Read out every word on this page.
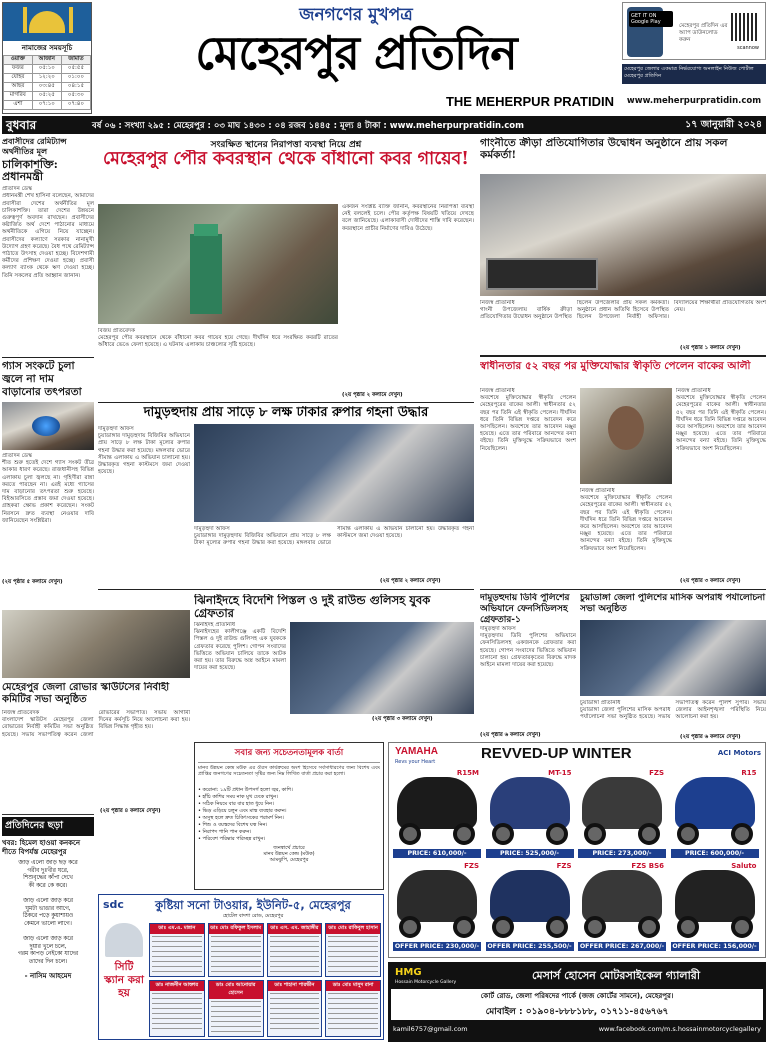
নামাজের সময়সূচি
ওয়াক্ত	আজান	জামাত
ফজর	০৫:১০	০৫:৫৫
যোহর	১২:২০	০১:০০
আছর	০৩:৪৫	০৪:১৫
মাগরিব	০৫:২৫	০৫:৩০
এশা	০৭:১০	০৭:৪০
জনগণের মুখপত্র
মেহেরপুর প্রতিদিন
THE MEHERPUR PRATIDIN
GET IT ON Google Play
মেহেরপুর প্রতিদিন এর অ্যাপ ডাউনলোড করুন
scannow
মেহেরপুর জেলার একমাত্র নির্ভরযোগ্য অনলাইন নিউজ পোর্টাল মেহেরপুর প্রতিদিন
www.meherpurpratidin.com
বুধবার	বর্ষ ০৬ : সংখ্যা ২৯৫ : মেহেরপুর : ০৩ মাঘ ১৪৩০ : ০৪ রজব ১৪৪৫ : মূল্য ৪ টাকা : www.meherpurpratidin.com	১৭ জানুয়ারী ২০২৪
প্রবাসীদের রেমিট্যান্স অর্থনীতির মূল
চালিকাশক্তি: প্রধানমন্ত্রী
প্রতিদিন ডেস্ক
প্রধানমন্ত্রী শেখ হাসিনা বলেছেন, আমাদের প্রবাসীরা দেশের অর্থনীতির মূল চালিকাশক্তি। তারা দেশের উন্নয়নে গুরুত্বপূর্ণ অবদান রাখছেন। প্রবাসীদের কষ্টার্জিত অর্থ দেশে পাঠানোর মাধ্যমে অর্থনীতিকে এগিয়ে নিয়ে যাচ্ছেন। প্রবাসীদের কল্যাণে সরকার নানামুখী উদ্যোগ গ্রহণ করেছে। বৈধ পথে রেমিট্যান্স পাঠাতে উৎসাহ দেওয়া হচ্ছে। বিদেশগামী কর্মীদের প্রশিক্ষণ দেওয়া হচ্ছে। প্রবাসী কল্যাণ ব্যাংক থেকে ঋণ দেওয়া হচ্ছে। তিনি সকলের প্রতি আহ্বান জানান।
গ্যাস সংকটে চুলা জ্বলে না দাম বাড়ানোর তৎপরতা
প্রতিদিন ডেস্ক
শীত শুরু হতেই দেশে গ্যাস সংকট তীব্র আকার ধারণ করেছে। রাজধানীসহ বিভিন্ন এলাকায় চুলা জ্বলছে না। গৃহিণীরা রান্না করতে পারছেন না। এরই মধ্যে গ্যাসের দাম বাড়ানোর তৎপরতা শুরু হয়েছে। বিইআরসিতে প্রস্তাব জমা দেওয়া হয়েছে। গ্রাহকরা ক্ষোভ প্রকাশ করেছেন। সংকট নিরসনে দ্রুত ব্যবস্থা নেওয়ার দাবি জানিয়েছেন সংশ্লিষ্টরা।
(২য় পৃষ্ঠার ৫ কলামে দেখুন)
সংরক্ষিত স্থানের নিরাপত্তা ব্যবস্থা নিয়ে প্রশ্ন
মেহেরপুর পৌর কবরস্থান থেকে বাঁধানো কবর গায়েব!
একজন সংশ্লিষ্ট ব্যক্তি জানান, কবরস্থানের নিরাপত্তা ব্যবস্থা নেই বললেই চলে। পৌর কর্তৃপক্ষ বিষয়টি খতিয়ে দেখছে বলে জানিয়েছে। এলাকাবাসী দোষীদের শাস্তি দাবি করেছেন। কবরস্থানে প্রাচীর নির্মাণের দাবিও উঠেছে।
বিজয় প্রতিবেদক
মেহেরপুর পৌর কবরস্থানে থেকে বাঁধানো কবর গায়েব হয়ে গেছে। দীর্ঘদিন ধরে সংরক্ষিত কবরটি রাতের আঁধারে ভেঙে ফেলা হয়েছে। এ ঘটনায় এলাকায় চাঞ্চল্যের সৃষ্টি হয়েছে।
(২য় পৃষ্ঠার ২ কলামে দেখুন)
দামুড়হুদায় প্রায় সাড়ে ৮ লক্ষ টাকার রুপার গহনা উদ্ধার
দামুড়হুদা অফিস
চুয়াডাঙ্গার দামুড়হুদায় বিজিবির অভিযানে প্রায় সাড়ে ৮ লক্ষ টাকা মূল্যের রুপার গহনা উদ্ধার করা হয়েছে। মঙ্গলবার ভোরে সীমান্ত এলাকায় এ অভিযান চালানো হয়। উদ্ধারকৃত গহনা কাস্টমসে জমা দেওয়া হয়েছে।
দামুড়হুদা অফিস
চুয়াডাঙ্গার দামুড়হুদায় বিজিবির অভিযানে প্রায় সাড়ে ৮ লক্ষ টাকা মূল্যের রুপার গহনা উদ্ধার করা হয়েছে। মঙ্গলবার ভোরে সীমান্ত এলাকায় এ অভিযান চালানো হয়। উদ্ধারকৃত গহনা কাস্টমসে জমা দেওয়া হয়েছে।
(২য় পৃষ্ঠার ২ কলামে দেখুন)
ঝিনাইদহে বিদেশি পিস্তল ও দুই রাউন্ড গুলিসহ যুবক গ্রেফতার
ঝিনাইদহ প্রতিনিধি
ঝিনাইদহের কালীগঞ্জে একটি বিদেশি পিস্তল ও দুই রাউন্ড গুলিসহ এক যুবককে গ্রেফতার করেছে পুলিশ। গোপন সংবাদের ভিত্তিতে অভিযান চালিয়ে তাকে আটক করা হয়। তার বিরুদ্ধে অস্ত্র আইনে মামলা দায়ের করা হয়েছে।
(২য় পৃষ্ঠার ৩ কলামে দেখুন)
মেহেরপুর জেলা রোভার স্কাউটসের নির্বাহী কমিটির সভা অনুষ্ঠিত
নিজস্ব প্রতিবেদক
বাংলাদেশ স্কাউটস মেহেরপুর জেলা রোভারের নির্বাহী কমিটির সভা অনুষ্ঠিত হয়েছে। সভায় সভাপতিত্ব করেন জেলা রোভারের সভাপতি। সভায় আগামী দিনের কর্মসূচি নিয়ে আলোচনা করা হয়। বিভিন্ন সিদ্ধান্ত গৃহীত হয়।
(২য় পৃষ্ঠার ৪ কলামে দেখুন)
সবার জন্য সচেতনতামূলক বার্তা
মানব উন্নয়ন কেন্দ্র মউক এর ঔরস কার্যক্রমের অংশ হিসেবে সর্বসাধারণের জন্য বিশেষ এবং প্রাপ্তির জনগণের সচেতনতা সৃষ্টির জন্য নিম্ন লিখিত বার্তা প্রচার করা হলো।
• করোনা: ১৯টি প্রধান উপসর্গ হলো জ্বর, কাশি।
• হাঁচি কাশির সময় নাক মুখ ঢেকে রাখুন।
• সঠিক নিয়মে বার বার হাত ধুয়ে নিন।
• ভিড় এড়িয়ে চলুন এবং মাস্ক ব্যবহার করুন।
• অসুস্থ হলে দ্রুত চিকিৎসকের পরামর্শ নিন।
• শিশু ও বয়স্কদের বিশেষ যত্ন নিন।
• নিরাপদ পানি পান করুন।
• পরিবেশ পরিষ্কার পরিচ্ছন্ন রাখুন।
জনস্বার্থে প্রচারে
মানব উন্নয়ন কেন্দ্র (মউক)
আমঝুপি, মেহেরপুর
প্রতিদিনের ছড়া
খবর: হিমেল হাওয়া কনকনে শীতে বিপর্যস্ত মেহেরপুর
জাড় এলো জাড় ছড় করে
গরীব দুঃখীর ঘরে,
শিশুবৃদ্ধের কাঁপা দেখে
কী করে কে করে।

জাড় এলো জাড় করে
ঘুমটা ভাঙার আগে,
ঠিকরে পড়ে কুয়াশায়ও
কেমনে ভালো লাগে।

জাড় এলো জাড় করে
দুয়ার খুলে চলে,
গরম কাপড় নেইকো যাদের
তাদের দিন চলে।
- নাসিম আহমেদ
গাংনীতে ক্রীড়া প্রতিযোগিতার উদ্বোধন অনুষ্ঠানে প্রায় সকল কর্মকর্তা!
নিজস্ব প্রতিনিধি
গাংনী উপজেলায় বার্ষিক ক্রীড়া প্রতিযোগিতার উদ্বোধন অনুষ্ঠানে উপস্থিত ছিলেন উপজেলার প্রায় সকল কর্মকর্তা। অনুষ্ঠানে প্রধান অতিথি হিসেবে উপস্থিত ছিলেন উপজেলা নির্বাহী অফিসার। বিদ্যালয়ের শিক্ষার্থীরা প্রতিযোগিতায় অংশ নেয়।
(২য় পৃষ্ঠার ১ কলামে দেখুন)
স্বাধীনতার ৫২ বছর পর মুক্তিযোদ্ধার স্বীকৃতি পেলেন বাকের আলী
নিজস্ব প্রতিনিধি
অবশেষে মুক্তিযোদ্ধার স্বীকৃতি পেলেন মেহেরপুরের বাকের আলী। স্বাধীনতার ৫২ বছর পর তিনি এই স্বীকৃতি পেলেন। দীর্ঘদিন ধরে তিনি বিভিন্ন দপ্তরে আবেদন করে আসছিলেন। অবশেষে তার আবেদন মঞ্জুর হয়েছে। এতে তার পরিবারে আনন্দের বন্যা বইছে। তিনি মুক্তিযুদ্ধে সক্রিয়ভাবে অংশ নিয়েছিলেন।
নিজস্ব প্রতিনিধি
অবশেষে মুক্তিযোদ্ধার স্বীকৃতি পেলেন মেহেরপুরের বাকের আলী। স্বাধীনতার ৫২ বছর পর তিনি এই স্বীকৃতি পেলেন। দীর্ঘদিন ধরে তিনি বিভিন্ন দপ্তরে আবেদন করে আসছিলেন। অবশেষে তার আবেদন মঞ্জুর হয়েছে। এতে তার পরিবারে আনন্দের বন্যা বইছে। তিনি মুক্তিযুদ্ধে সক্রিয়ভাবে অংশ নিয়েছিলেন।
নিজস্ব প্রতিনিধি
অবশেষে মুক্তিযোদ্ধার স্বীকৃতি পেলেন মেহেরপুরের বাকের আলী। স্বাধীনতার ৫২ বছর পর তিনি এই স্বীকৃতি পেলেন। দীর্ঘদিন ধরে তিনি বিভিন্ন দপ্তরে আবেদন করে আসছিলেন। অবশেষে তার আবেদন মঞ্জুর হয়েছে। এতে তার পরিবারে আনন্দের বন্যা বইছে। তিনি মুক্তিযুদ্ধে সক্রিয়ভাবে অংশ নিয়েছিলেন।
(২য় পৃষ্ঠার ৩ কলামে দেখুন)
দামুড়হুদায় ডিবি পুলিশের অভিযানে ফেনসিডিলসহ গ্রেফতার-১
দামুড়হুদা অফিস
দামুড়হুদায় ডিবি পুলিশের অভিযানে ফেনসিডিলসহ একজনকে গ্রেফতার করা হয়েছে। গোপন সংবাদের ভিত্তিতে অভিযান চালানো হয়। গ্রেফতারকৃতের বিরুদ্ধে মাদক আইনে মামলা দায়ের করা হয়েছে।
(২য় পৃষ্ঠার ৬ কলামে দেখুন)
চুয়াডাঙ্গা জেলা পুলিশের মাসিক অপরাধ পর্যালোচনা সভা অনুষ্ঠিত
চুয়াডাঙ্গা প্রতিনিধি
চুয়াডাঙ্গা জেলা পুলিশের মাসিক অপরাধ পর্যালোচনা সভা অনুষ্ঠিত হয়েছে। সভায় সভাপতিত্ব করেন পুলিশ সুপার। সভায় জেলার আইনশৃঙ্খলা পরিস্থিতি নিয়ে আলোচনা করা হয়।
(২য় পৃষ্ঠার ৬ কলামে দেখুন)
YAMAHA
Revs your Heart	REVVED-UP WINTER	ACI Motors
R15M
PRICE: 610,000/-
MT-15
PRICE: 525,000/-
FZS
PRICE: 273,000/-
R15
PRICE: 600,000/-
FZS
OFFER PRICE: 230,000/-
FZS
OFFER PRICE: 255,500/-
FZS BS6
OFFER PRICE: 267,000/-
Saluto
OFFER PRICE: 156,000/-
sdc	কুষ্টিয়া সনো টাওয়ার, ইউনিট-৫, মেহেরপুর
হোটেল বাদশা রোড, মেহেরপুর
সিটি স্ক্যান করা হয়
ডাঃ এম.এ. মান্নান	ডাঃ মোঃ রফিকুল ইসলাম	ডাঃ এস. এম. জাহাঙ্গীর	ডাঃ মোঃ রাকিবুল হাসান
ডাঃ নাজনীন আক্তার	ডাঃ মোঃ আনোয়ার হোসেন
ডাঃ শাহানা পারভীন	ডাঃ মোঃ মাসুদ রানা
HMG
Hossain Motorcycle Gallery
মেসার্স হোসেন মোটরসাইকেল গ্যালারী
কোর্ট রোড, জেলা পরিষদের পার্কে (জজ কোর্টের সামনে), মেহেরপুর।
মোবাইল : ০১৯০৪-৮৮৮১৮৮, ০১৭১১-৪৫৬৭৬৭
kamil6757@gmail.com	www.facebook.com/m.s.hossainmotorcyclegallery
